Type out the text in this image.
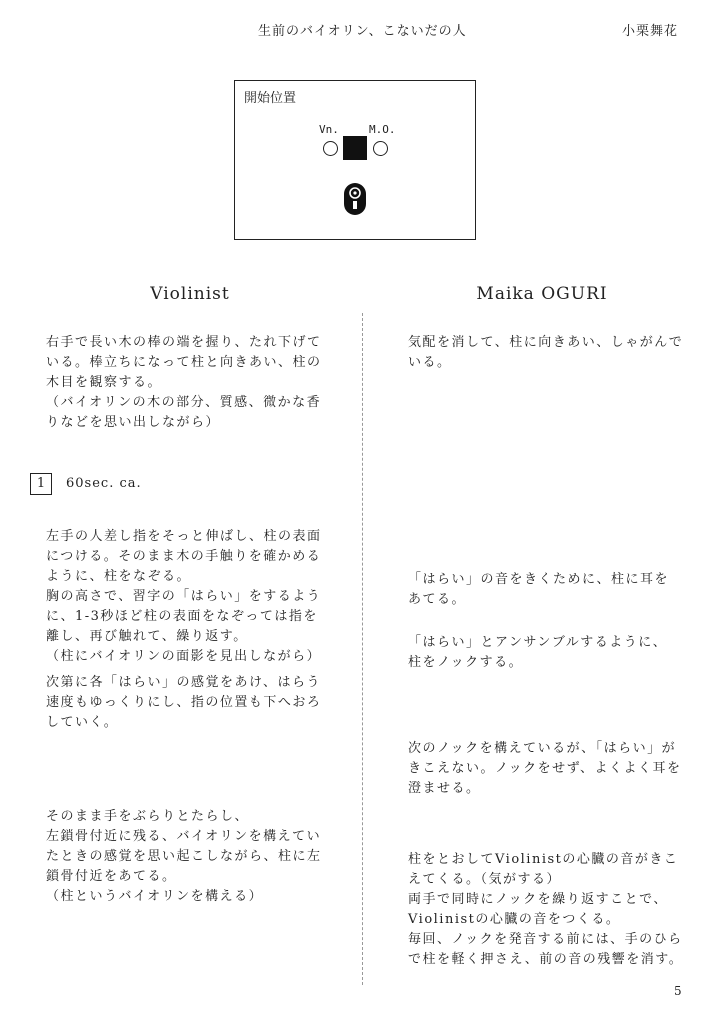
生前のバイオリン、こないだの人	小栗舞花
開始位置
Vn.	M.O.
Violinist	Maika OGURI

右手で長い木の棒の端を握り、たれ下げて
いる。棒立ちになって柱と向きあい、柱の
木目を観察する。
（バイオリンの木の部分、質感、微かな香
りなどを思い出しながら）

1	60sec. ca.

左手の人差し指をそっと伸ばし、柱の表面
につける。そのまま木の手触りを確かめる
ように、柱をなぞる。
胸の高さで、習字の「はらい」をするよう
に、1-3秒ほど柱の表面をなぞっては指を
離し、再び触れて、繰り返す。
（柱にバイオリンの面影を見出しながら）

次第に各「はらい」の感覚をあけ、はらう
速度もゆっくりにし、指の位置も下へおろ
していく。

そのまま手をぶらりとたらし、
左鎖骨付近に残る、バイオリンを構えてい
たときの感覚を思い起こしながら、柱に左
鎖骨付近をあてる。
（柱というバイオリンを構える）

気配を消して、柱に向きあい、しゃがんで
いる。

「はらい」の音をきくために、柱に耳を
あてる。

「はらい」とアンサンブルするように、
柱をノックする。

次のノックを構えているが、「はらい」が
きこえない。ノックをせず、よくよく耳を
澄ませる。

柱をとおしてViolinistの心臓の音がきこ
えてくる。（気がする）
両手で同時にノックを繰り返すことで、
Violinistの心臓の音をつくる。
毎回、ノックを発音する前には、手のひら
で柱を軽く押さえ、前の音の残響を消す。

5
